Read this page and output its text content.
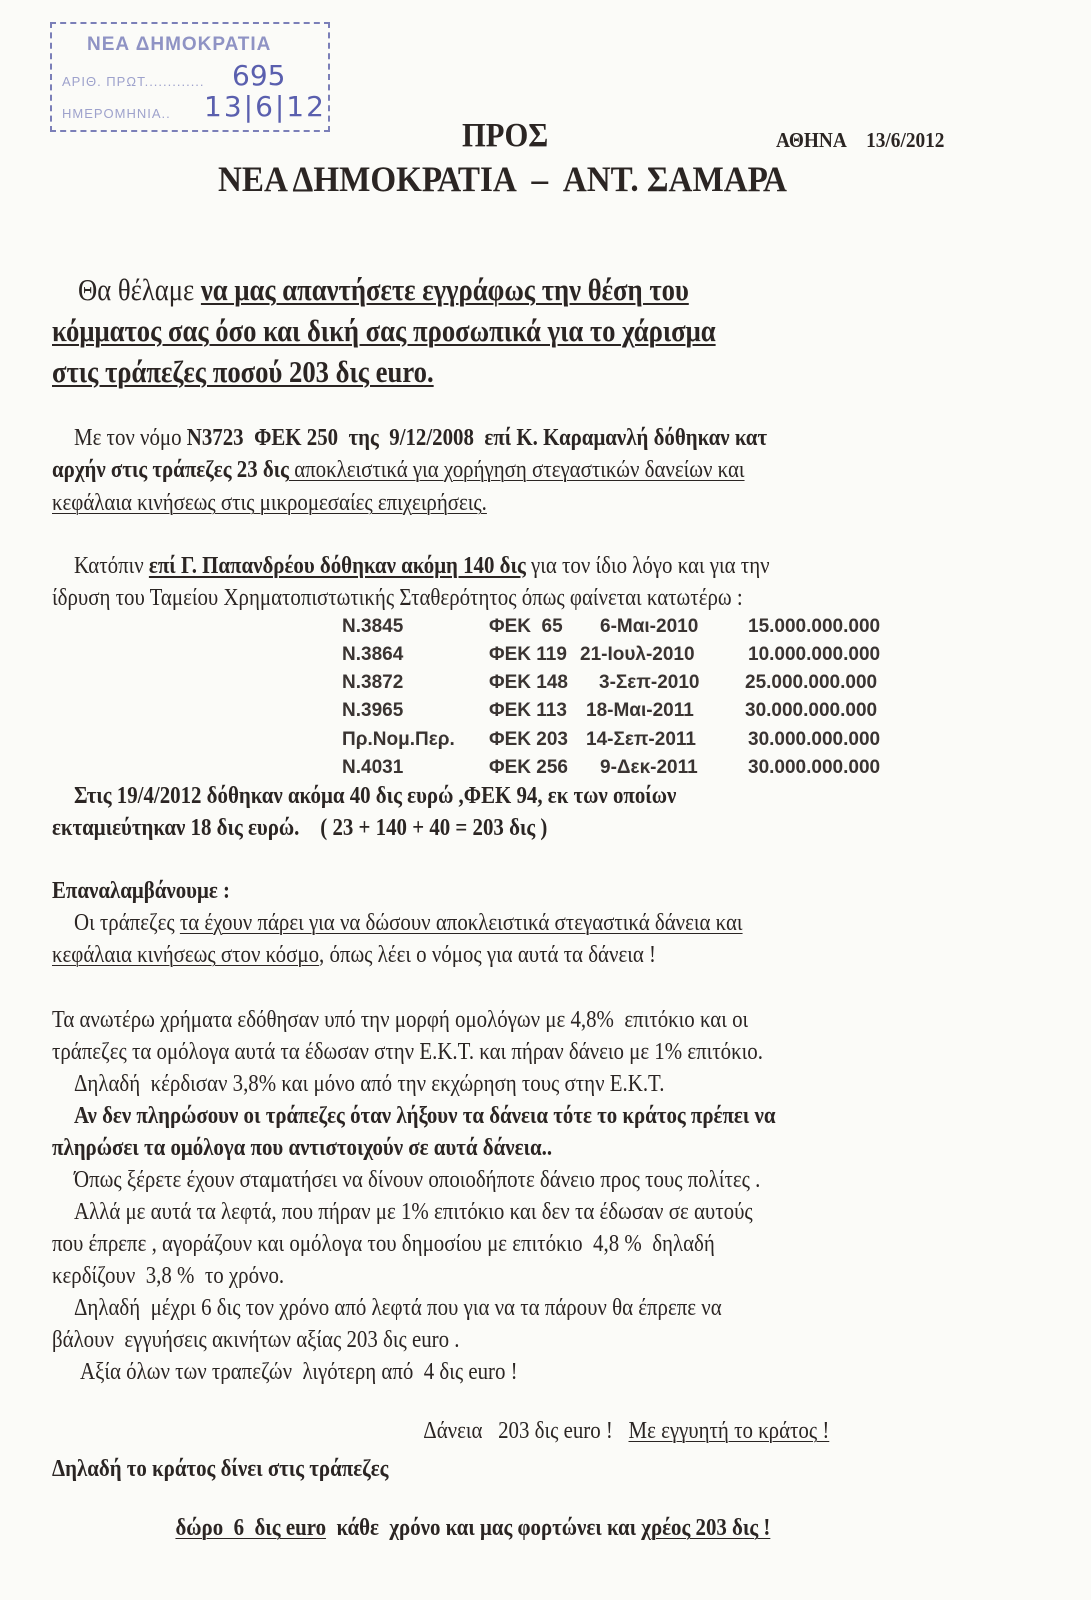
ΝΕΑ ΔΗΜΟΚΡΑΤΙΑ
ΑΡΙΘ. ΠΡΩΤ.............
ΗΜΕΡΟΜΗΝΙΑ..
695
13|6|12
ΠΡΟΣ	ΑΘΗΝΑ 13/6/2012
ΝΕΑ ΔΗΜΟΚΡΑΤΙΑ  –  ΑΝΤ. ΣΑΜΑΡΑ
Θα θέλαμε να μας απαντήσετε εγγράφως την θέση του
κόμματος σας όσο και δική σας προσωπικά για το χάρισμα
στις τράπεζες ποσού 203 δις euro.
Με τον νόμο Ν3723  ΦΕΚ 250  της  9/12/2008  επί Κ. Καραμανλή δόθηκαν κατ
αρχήν στις τράπεζες 23 δις αποκλειστικά για χορήγηση στεγαστικών δανείων και
κεφάλαια κινήσεως στις μικρομεσαίες επιχειρήσεις.
Κατόπιν επί Γ. Παπανδρέου δόθηκαν ακόμη 140 δις για τον ίδιο λόγο και για την
ίδρυση του Ταμείου Χρηματοπιστωτικής Σταθερότητος όπως φαίνεται κατωτέρω :
Ν.3845	ΦΕΚ  65 6-Μαι-2010	15.000.000.000
Ν.3864	ΦΕΚ 119 21-Ιουλ-2010	10.000.000.000
Ν.3872	ΦΕΚ 148 3-Σεπ-2010 25.000.000.000
Ν.3965	ΦΕΚ 113 18-Μαι-2011	30.000.000.000
Πρ.Νομ.Περ. ΦΕΚ 203 14-Σεπ-2011	30.000.000.000
Ν.4031	ΦΕΚ 256 9-Δεκ-2011	30.000.000.000
Στις 19/4/2012 δόθηκαν ακόμα 40 δις ευρώ ,ΦΕΚ 94, εκ των οποίων
εκταμιεύτηκαν 18 δις ευρώ.    ( 23 + 140 + 40 = 203 δις )
Επαναλαμβάνουμε :
Οι τράπεζες τα έχουν πάρει για να δώσουν αποκλειστικά στεγαστικά δάνεια και
κεφάλαια κινήσεως στον κόσμο, όπως λέει ο νόμος για αυτά τα δάνεια !
Τα ανωτέρω χρήματα εδόθησαν υπό την μορφή ομολόγων με 4,8%  επιτόκιο και οι
τράπεζες τα ομόλογα αυτά τα έδωσαν στην Ε.Κ.Τ. και πήραν δάνειο με 1% επιτόκιο.
Δηλαδή  κέρδισαν 3,8% και μόνο από την εκχώρηση τους στην Ε.Κ.Τ.
Αν δεν πληρώσουν οι τράπεζες όταν λήξουν τα δάνεια τότε το κράτος πρέπει να
πληρώσει τα ομόλογα που αντιστοιχούν σε αυτά δάνεια..
Όπως ξέρετε έχουν σταματήσει να δίνουν οποιοδήποτε δάνειο προς τους πολίτες .
Αλλά με αυτά τα λεφτά, που πήραν με 1% επιτόκιο και δεν τα έδωσαν σε αυτούς
που έπρεπε , αγοράζουν και ομόλογα του δημοσίου με επιτόκιο  4,8 %  δηλαδή
κερδίζουν  3,8 %  το χρόνο.
Δηλαδή  μέχρι 6 δις τον χρόνο από λεφτά που για να τα πάρουν θα έπρεπε να
βάλουν  εγγυήσεις ακινήτων αξίας 203 δις euro .
Αξία όλων των τραπεζών  λιγότερη από  4 δις euro !

Δάνεια   203 δις euro ! Με εγγυητή το κράτος !

Δηλαδή το κράτος δίνει στις τράπεζες

δώρο  6  δις euro  κάθε  χρόνο και μας φορτώνει και χρέος 203 δις !
